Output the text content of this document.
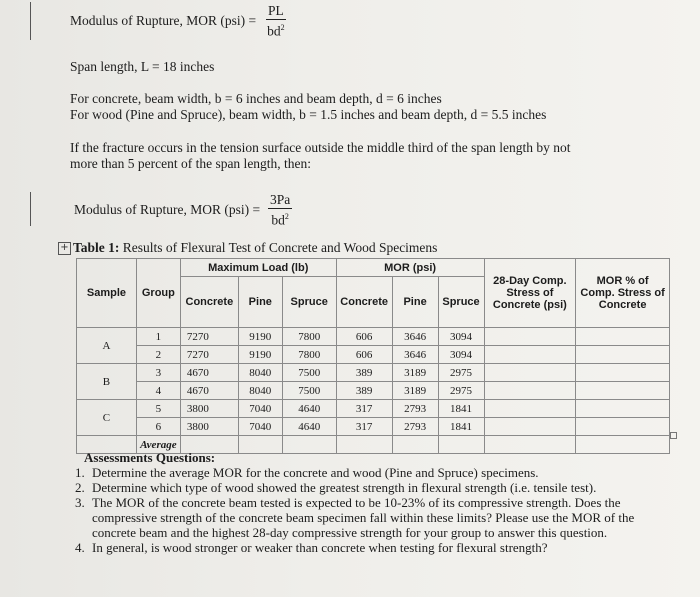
Modulus of Rupture, MOR (psi) =
PL
$bd^2$
Span length, L = 18 inches
For concrete, beam width, b = 6 inches and beam depth, d = 6 inches
For wood (Pine and Spruce), beam width, b = 1.5 inches and beam depth, d = 5.5 inches
If the fracture occurs in the tension surface outside the middle third of the span length by not
more than 5 percent of the span length, then:
Modulus of Rupture, MOR (psi) =
3Pa
$bd^2$
+ Table 1: Results of Flexural Test of Concrete and Wood Specimens
Sample	Group	Maximum Load (lb)			MOR (psi)			28-Day Comp. Stress of Concrete (psi)	MOR % of Comp. Stress of Concrete
		Concrete	Pine	Spruce	Concrete	Pine	Spruce		
A	1	7270	9190	7800	606	3646	3094		
	2	7270	9190	7800	606	3646	3094		
B	3	4670	8040	7500	389	3189	2975		
	4	4670	8040	7500	389	3189	2975		
C	5	3800	7040	4640	317	2793	1841		
	6	3800	7040	4640	317	2793	1841		
	Average								
Assessments Questions:
1. Determine the average MOR for the concrete and wood (Pine and Spruce) specimens.
2. Determine which type of wood showed the greatest strength in flexural strength (i.e. tensile test).
3. The MOR of the concrete beam tested is expected to be 10-23% of its compressive strength. Does the compressive strength of the concrete beam specimen fall within these limits? Please use the MOR of the concrete beam and the highest 28-day compressive strength for your group to answer this question.
4. In general, is wood stronger or weaker than concrete when testing for flexural strength?
